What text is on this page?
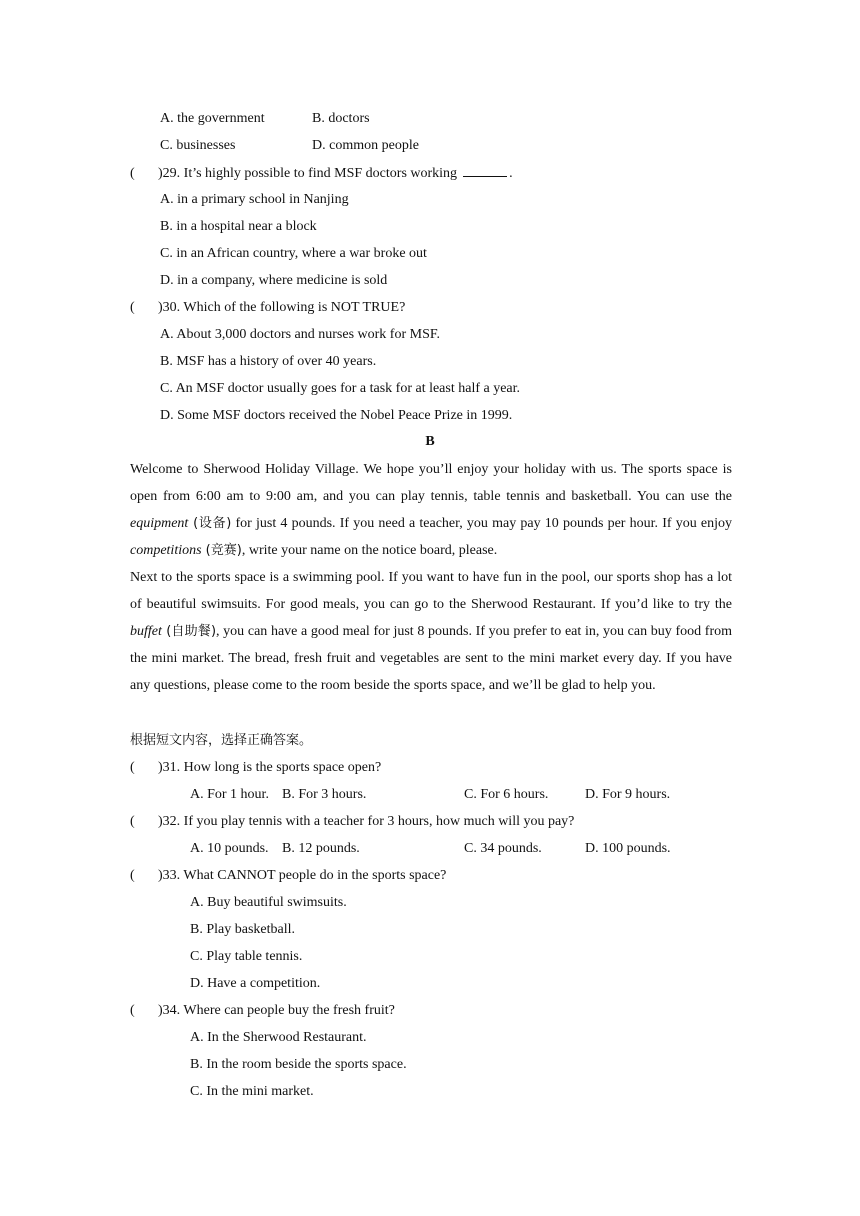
A. the government	B. doctors
C. businesses	D. common people
( )29. It’s highly possible to find MSF doctors working	.
A. in a primary school in Nanjing
B. in a hospital near a block
C. in an African country, where a war broke out
D. in a company, where medicine is sold
( )30. Which of the following is NOT TRUE?
A. About 3,000 doctors and nurses work for MSF.
B. MSF has a history of over 40 years.
C. An MSF doctor usually goes for a task for at least half a year.
D. Some MSF doctors received the Nobel Peace Prize in 1999.
B
Welcome to Sherwood Holiday Village. We hope you’ll enjoy your holiday with us. The sports space is open from 6:00 am to 9:00 am, and you can play tennis, table tennis and basketball. You can use the equipment (设备) for just 4 pounds. If you need a teacher, you may pay 10 pounds per hour. If you enjoy competitions (竞赛), write your name on the notice board, please.
Next to the sports space is a swimming pool. If you want to have fun in the pool, our sports shop has a lot of beautiful swimsuits. For good meals, you can go to the Sherwood Restaurant. If you’d like to try the buffet (自助餐), you can have a good meal for just 8 pounds. If you prefer to eat in, you can buy food from the mini market. The bread, fresh fruit and vegetables are sent to the mini market every day. If you have any questions, please come to the room beside the sports space, and we’ll be glad to help you.
根据短文内容，选择正确答案。
( )31. How long is the sports space open?
A. For 1 hour. B. For 3 hours.	C. For 6 hours.	D. For 9 hours.
( )32. If you play tennis with a teacher for 3 hours, how much will you pay?
A. 10 pounds. B. 12 pounds.	C. 34 pounds.	D. 100 pounds.
( )33. What CANNOT people do in the sports space?
A. Buy beautiful swimsuits.
B. Play basketball.
C. Play table tennis.
D. Have a competition.
( )34. Where can people buy the fresh fruit?
A. In the Sherwood Restaurant.
B. In the room beside the sports space.
C. In the mini market.
